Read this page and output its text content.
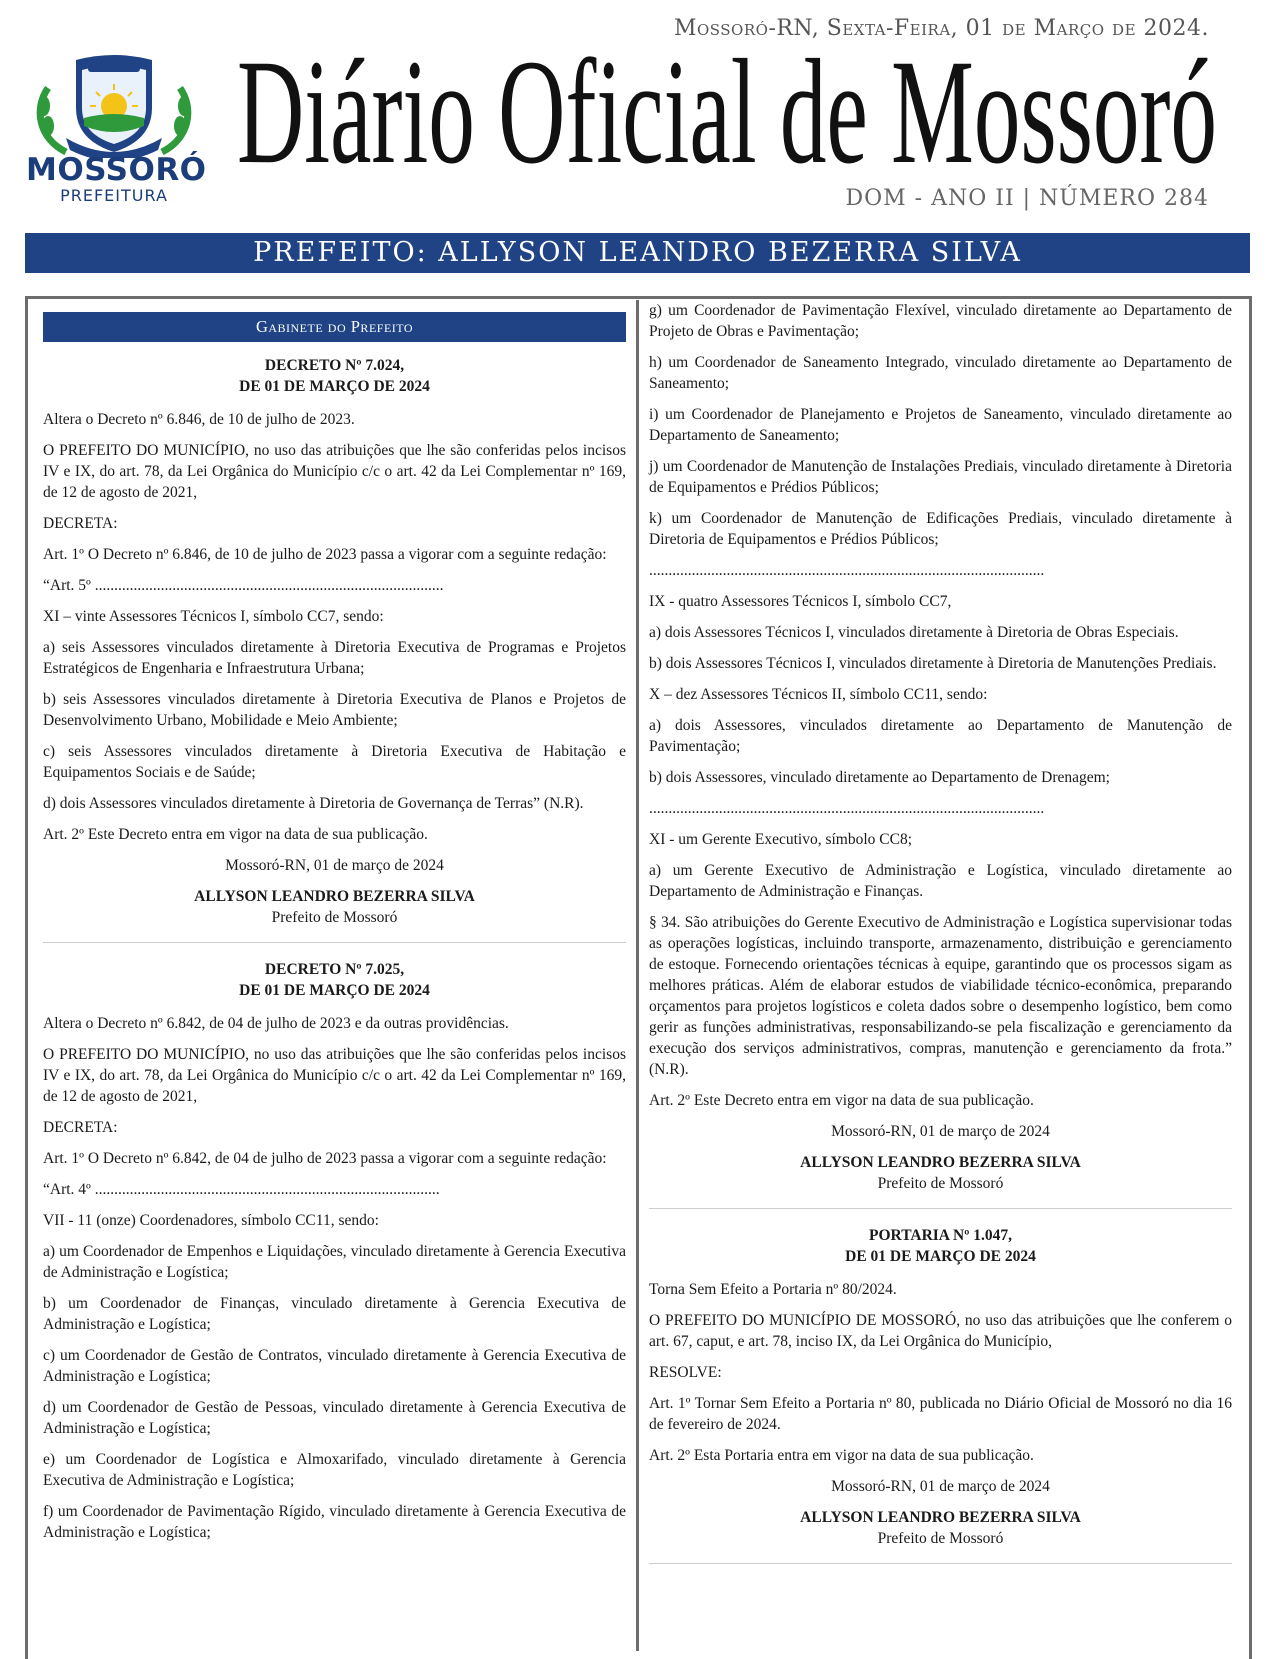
Mossoró-RN, Sexta-Feira, 01 de Março de 2024.
MOSSORÓ
PREFEITURA
Diário Oficial de Mossoró
DOM - ANO II | NÚMERO 284
PREFEITO: ALLYSON LEANDRO BEZERRA SILVA
Gabinete do Prefeito
DECRETO Nº 7.024,
DE 01 DE MARÇO DE 2024

Altera o Decreto nº 6.846, de 10 de julho de 2023.

O PREFEITO DO MUNICÍPIO, no uso das atribuições que lhe são conferidas pelos incisos IV e IX, do art. 78, da Lei Orgânica do Município c/c o art. 42 da Lei Complementar nº 169, de 12 de agosto de 2021,

DECRETA:

Art. 1º O Decreto nº 6.846, de 10 de julho de 2023 passa a vigorar com a seguinte redação:

“Art. 5º ..........................................................................................

XI – vinte Assessores Técnicos I, símbolo CC7, sendo:

a) seis Assessores vinculados diretamente à Diretoria Executiva de Programas e Projetos Estratégicos de Engenharia e Infraestrutura Urbana;

b) seis Assessores vinculados diretamente à Diretoria Executiva de Planos e Projetos de Desenvolvimento Urbano, Mobilidade e Meio Ambiente;

c) seis Assessores vinculados diretamente à Diretoria Executiva de Habitação e Equipamentos Sociais e de Saúde;

d) dois Assessores vinculados diretamente à Diretoria de Governança de Terras” (N.R).

Art. 2º Este Decreto entra em vigor na data de sua publicação.

Mossoró-RN, 01 de março de 2024

ALLYSON LEANDRO BEZERRA SILVA
Prefeito de Mossoró
DECRETO Nº 7.025,
DE 01 DE MARÇO DE 2024

Altera o Decreto nº 6.842, de 04 de julho de 2023 e da outras providências.

O PREFEITO DO MUNICÍPIO, no uso das atribuições que lhe são conferidas pelos incisos IV e IX, do art. 78, da Lei Orgânica do Município c/c o art. 42 da Lei Complementar nº 169, de 12 de agosto de 2021,

DECRETA:

Art. 1º O Decreto nº 6.842, de 04 de julho de 2023 passa a vigorar com a seguinte redação:

“Art. 4º .........................................................................................

VII - 11 (onze) Coordenadores, símbolo CC11, sendo:

a) um Coordenador de Empenhos e Liquidações, vinculado diretamente à Gerencia Executiva de Administração e Logística;

b) um Coordenador de Finanças, vinculado diretamente à Gerencia Executiva de Administração e Logística;

c) um Coordenador de Gestão de Contratos, vinculado diretamente à Gerencia Executiva de Administração e Logística;

d) um Coordenador de Gestão de Pessoas, vinculado diretamente à Gerencia Executiva de Administração e Logística;

e) um Coordenador de Logística e Almoxarifado, vinculado diretamente à Gerencia Executiva de Administração e Logística;

f) um Coordenador de Pavimentação Rígido, vinculado diretamente à Gerencia Executiva de Administração e Logística;

g) um Coordenador de Pavimentação Flexível, vinculado diretamente ao Departamento de Projeto de Obras e Pavimentação;

h) um Coordenador de Saneamento Integrado, vinculado diretamente ao Departamento de Saneamento;

i) um Coordenador de Planejamento e Projetos de Saneamento, vinculado diretamente ao Departamento de Saneamento;

j) um Coordenador de Manutenção de Instalações Prediais, vinculado diretamente à Diretoria de Equipamentos e Prédios Públicos;

k) um Coordenador de Manutenção de Edificações Prediais, vinculado diretamente à Diretoria de Equipamentos e Prédios Públicos;

......................................................................................................

IX - quatro Assessores Técnicos I, símbolo CC7,

a) dois Assessores Técnicos I, vinculados diretamente à Diretoria de Obras Especiais.

b) dois Assessores Técnicos I, vinculados diretamente à Diretoria de Manutenções Prediais.

X – dez Assessores Técnicos II, símbolo CC11, sendo:

a) dois Assessores, vinculados diretamente ao Departamento de Manutenção de Pavimentação;

b) dois Assessores, vinculado diretamente ao Departamento de Drenagem;

......................................................................................................

XI - um Gerente Executivo, símbolo CC8;

a) um Gerente Executivo de Administração e Logística, vinculado diretamente ao Departamento de Administração e Finanças.

§ 34. São atribuições do Gerente Executivo de Administração e Logística supervisionar todas as operações logísticas, incluindo transporte, armazenamento, distribuição e gerenciamento de estoque. Fornecendo orientações técnicas à equipe, garantindo que os processos sigam as melhores práticas. Além de elaborar estudos de viabilidade técnico-econômica, preparando orçamentos para projetos logísticos e coleta dados sobre o desempenho logístico, bem como gerir as funções administrativas, responsabilizando-se pela fiscalização e gerenciamento da execução dos serviços administrativos, compras, manutenção e gerenciamento da frota.” (N.R).

Art. 2º Este Decreto entra em vigor na data de sua publicação.

Mossoró-RN, 01 de março de 2024

ALLYSON LEANDRO BEZERRA SILVA
Prefeito de Mossoró
PORTARIA Nº 1.047,
DE 01 DE MARÇO DE 2024

Torna Sem Efeito a Portaria nº 80/2024.

O PREFEITO DO MUNICÍPIO DE MOSSORÓ, no uso das atribuições que lhe conferem o art. 67, caput, e art. 78, inciso IX, da Lei Orgânica do Município,

RESOLVE:

Art. 1º Tornar Sem Efeito a Portaria nº 80, publicada no Diário Oficial de Mossoró no dia 16 de fevereiro de 2024.

Art. 2º Esta Portaria entra em vigor na data de sua publicação.

Mossoró-RN, 01 de março de 2024

ALLYSON LEANDRO BEZERRA SILVA
Prefeito de Mossoró
